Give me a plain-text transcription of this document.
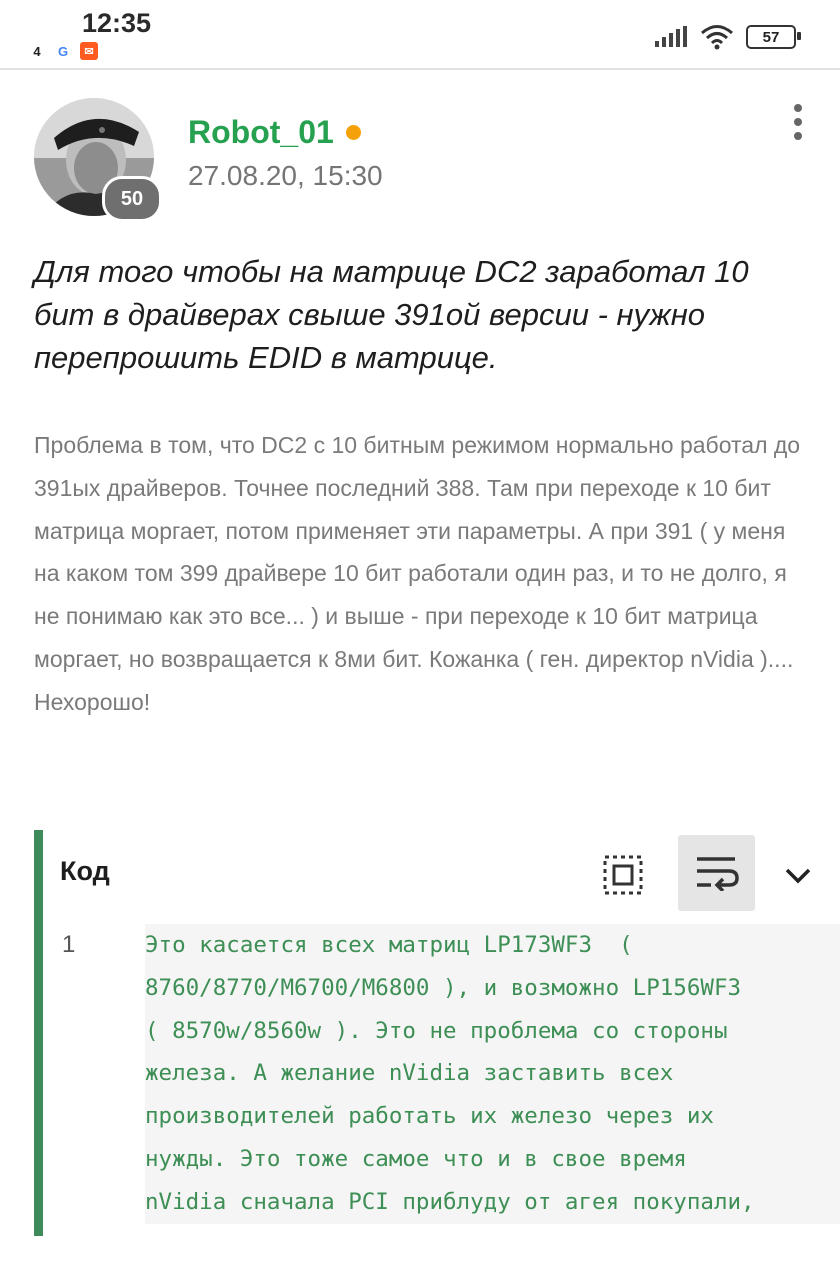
12:35
4	G	✉
57
50
Robot_01
27.08.20, 15:30
Для того чтобы на матрице DC2 заработал 10 бит в драйверах свыше 391ой версии - нужно перепрошить EDID в матрице.
Проблема в том, что DC2 с 10 битным режимом нормально работал до 391ых драйверов. Точнее последний 388. Там при переходе к 10 бит матрица моргает, потом применяет эти параметры. А при 391 ( у меня на каком том 399 драйвере 10 бит работали один раз, и то не долго, я не понимаю как это все... ) и выше - при переходе к 10 бит матрица моргает, но возвращается к 8ми бит. Кожанка ( ген. директор nVidia ).... Нехорошо!
Код
1	Это касается всех матриц LP173WF3  (
8760/8770/M6700/M6800 ), и возможно LP156WF3
( 8570w/8560w ). Это не проблема со стороны
железа. А желание nVidia заставить всех
производителей работать их железо через их
нужды. Это тоже самое что и в свое время
nVidia сначала PCI приблуду от агея покупали,
